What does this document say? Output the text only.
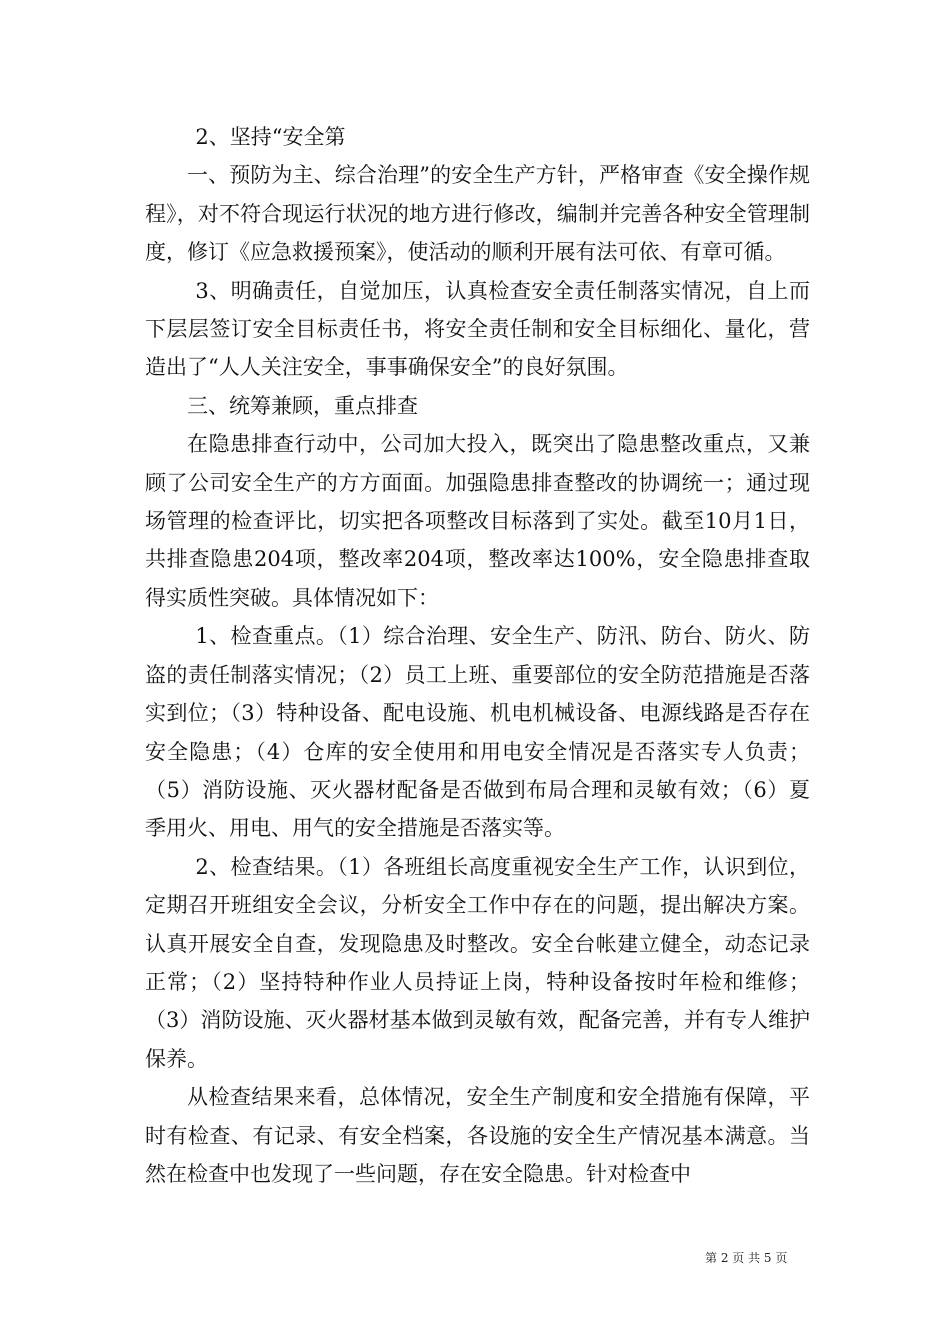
2、坚持“安全第

一、预防为主、综合治理”的安全生产方针，严格审查《安全操作规程》，对不符合现运行状况的地方进行修改，编制并完善各种安全管理制度，修订《应急救援预案》，使活动的顺利开展有法可依、有章可循。

3、明确责任，自觉加压，认真检查安全责任制落实情况，自上而下层层签订安全目标责任书，将安全责任制和安全目标细化、量化，营造出了“人人关注安全，事事确保安全”的良好氛围。

三、统筹兼顾，重点排查

在隐患排查行动中，公司加大投入，既突出了隐患整改重点，又兼顾了公司安全生产的方方面面。加强隐患排查整改的协调统一；通过现场管理的检查评比，切实把各项整改目标落到了实处。截至10月1日，共排查隐患204项，整改率204项，整改率达100%，安全隐患排查取得实质性突破。具体情况如下：

1、检查重点。（1）综合治理、安全生产、防汛、防台、防火、防盗的责任制落实情况；（2）员工上班、重要部位的安全防范措施是否落实到位；（3）特种设备、配电设施、机电机械设备、电源线路是否存在安全隐患；（4）仓库的安全使用和用电安全情况是否落实专人负责；（5）消防设施、灭火器材配备是否做到布局合理和灵敏有效；（6）夏季用火、用电、用气的安全措施是否落实等。

2、检查结果。（1）各班组长高度重视安全生产工作，认识到位，定期召开班组安全会议，分析安全工作中存在的问题，提出解决方案。认真开展安全自查，发现隐患及时整改。安全台帐建立健全，动态记录正常；（2）坚持特种作业人员持证上岗，特种设备按时年检和维修；（3）消防设施、灭火器材基本做到灵敏有效，配备完善，并有专人维护保养。

从检查结果来看，总体情况，安全生产制度和安全措施有保障，平时有检查、有记录、有安全档案，各设施的安全生产情况基本满意。当然在检查中也发现了一些问题，存在安全隐患。针对检查中

第 2 页 共 5 页
